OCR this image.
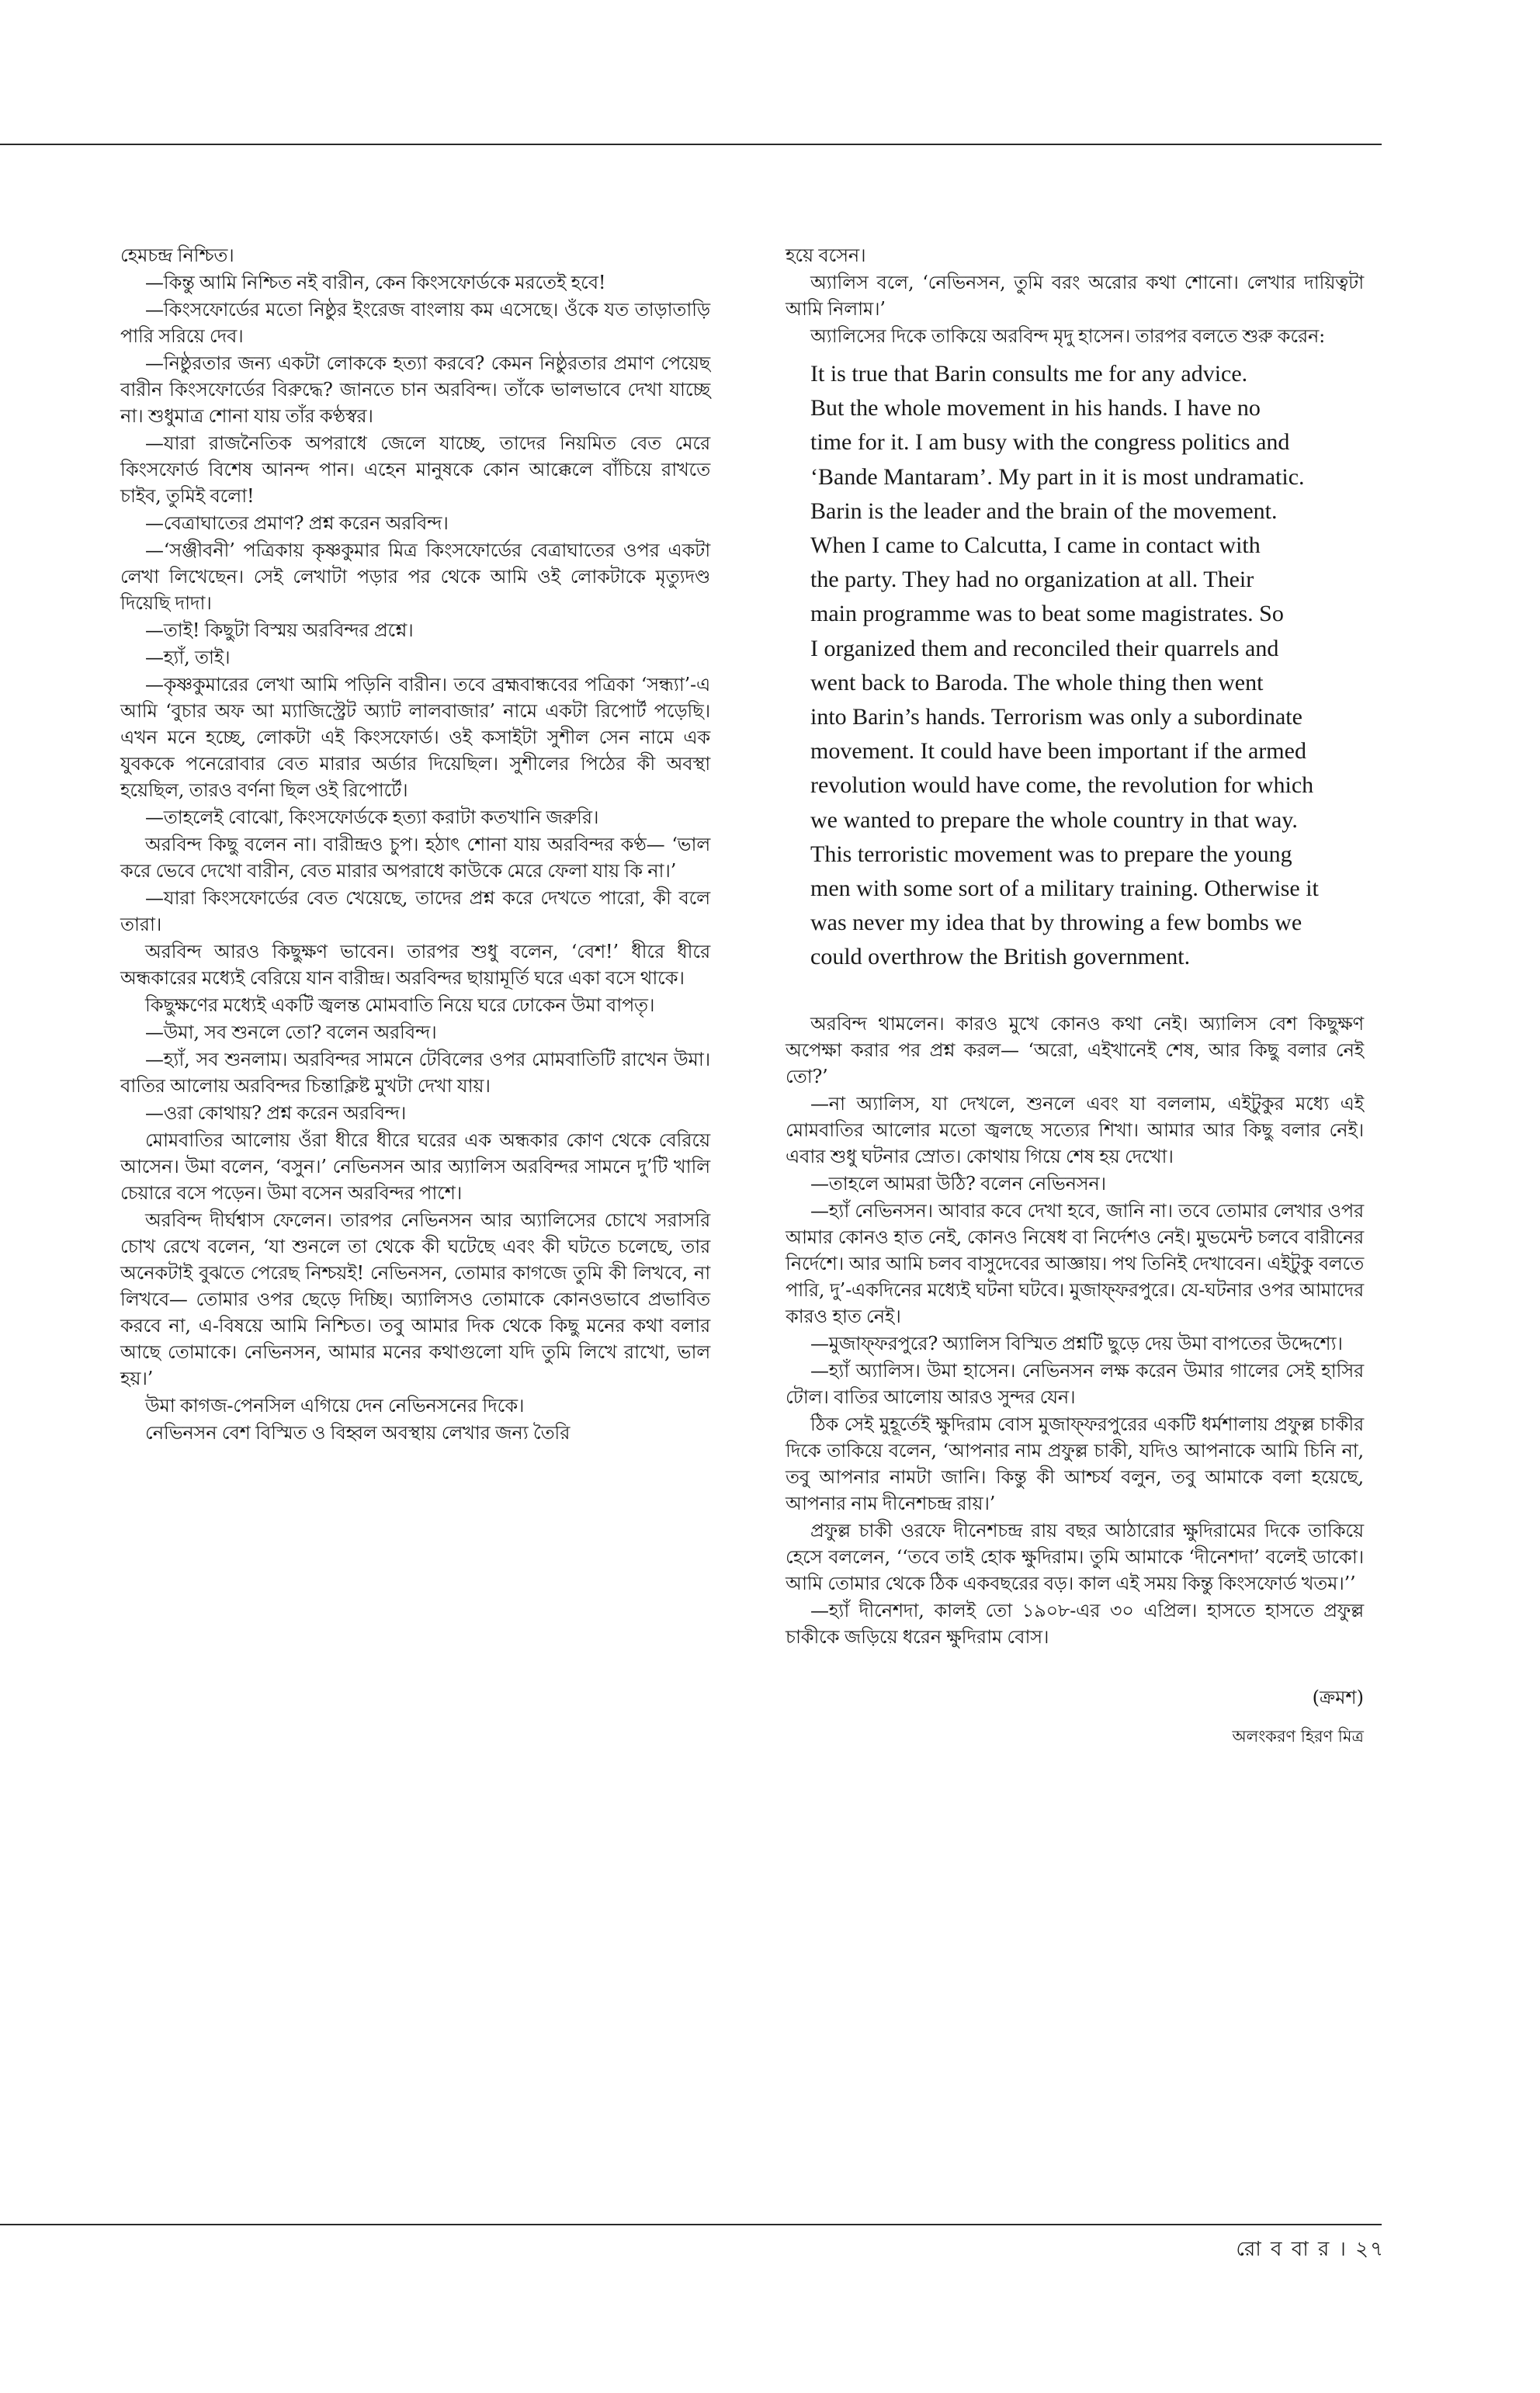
হেমচন্দ্র নিশ্চিত।

—কিন্তু আমি নিশ্চিত নই বারীন, কেন কিংসফোর্ডকে মরতেই হবে!

—কিংসফোর্ডের মতো নিষ্ঠুর ইংরেজ বাংলায় কম এসেছে। ওঁকে যত তাড়াতাড়ি পারি সরিয়ে দেব।

—নিষ্ঠুরতার জন্য একটা লোককে হত্যা করবে? কেমন নিষ্ঠুরতার প্রমাণ পেয়েছ বারীন কিংসফোর্ডের বিরুদ্ধে? জানতে চান অরবিন্দ। তাঁকে ভালভাবে দেখা যাচ্ছে না। শুধুমাত্র শোনা যায় তাঁর কণ্ঠস্বর।

—যারা রাজনৈতিক অপরাধে জেলে যাচ্ছে, তাদের নিয়মিত বেত মেরে কিংসফোর্ড বিশেষ আনন্দ পান। এহেন মানুষকে কোন আক্কেলে বাঁচিয়ে রাখতে চাইব, তুমিই বলো!

—বেত্রাঘাতের প্রমাণ? প্রশ্ন করেন অরবিন্দ।

—‘সঞ্জীবনী’ পত্রিকায় কৃষ্ণকুমার মিত্র কিংসফোর্ডের বেত্রাঘাতের ওপর একটা লেখা লিখেছেন। সেই লেখাটা পড়ার পর থেকে আমি ওই লোকটাকে মৃত্যুদণ্ড দিয়েছি দাদা।

—তাই! কিছুটা বিস্ময় অরবিন্দর প্রশ্নে।

—হ্যাঁ, তাই।

—কৃষ্ণকুমারের লেখা আমি পড়িনি বারীন। তবে ব্রহ্মবান্ধবের পত্রিকা ‘সন্ধ্যা’-এ আমি ‘বুচার অফ আ ম্যাজিস্ট্রেট অ্যাট লালবাজার’ নামে একটা রিপোর্ট পড়েছি। এখন মনে হচ্ছে, লোকটা এই কিংসফোর্ড। ওই কসাইটা সুশীল সেন নামে এক যুবককে পনেরোবার বেত মারার অর্ডার দিয়েছিল। সুশীলের পিঠের কী অবস্থা হয়েছিল, তারও বর্ণনা ছিল ওই রিপোর্টে।

—তাহলেই বোঝো, কিংসফোর্ডকে হত্যা করাটা কতখানি জরুরি।

অরবিন্দ কিছু বলেন না। বারীন্দ্রও চুপ। হঠাৎ শোনা যায় অরবিন্দর কণ্ঠ— ‘ভাল করে ভেবে দেখো বারীন, বেত মারার অপরাধে কাউকে মেরে ফেলা যায় কি না।’

—যারা কিংসফোর্ডের বেত খেয়েছে, তাদের প্রশ্ন করে দেখতে পারো, কী বলে তারা।

অরবিন্দ আরও কিছুক্ষণ ভাবেন। তারপর শুধু বলেন, ‘বেশ!’ ধীরে ধীরে অন্ধকারের মধ্যেই বেরিয়ে যান বারীন্দ্র। অরবিন্দর ছায়ামূর্তি ঘরে একা বসে থাকে।

কিছুক্ষণের মধ্যেই একটি জ্বলন্ত মোমবাতি নিয়ে ঘরে ঢোকেন উমা বাপতৃ।

—উমা, সব শুনলে তো? বলেন অরবিন্দ।

—হ্যাঁ, সব শুনলাম। অরবিন্দর সামনে টেবিলের ওপর মোমবাতিটি রাখেন উমা। বাতির আলোয় অরবিন্দর চিন্তাক্লিষ্ট মুখটা দেখা যায়।

—ওরা কোথায়? প্রশ্ন করেন অরবিন্দ।

মোমবাতির আলোয় ওঁরা ধীরে ধীরে ঘরের এক অন্ধকার কোণ থেকে বেরিয়ে আসেন। উমা বলেন, ‘বসুন।’ নেভিনসন আর অ্যালিস অরবিন্দর সামনে দু’টি খালি চেয়ারে বসে পড়েন। উমা বসেন অরবিন্দর পাশে।

অরবিন্দ দীর্ঘশ্বাস ফেলেন। তারপর নেভিনসন আর অ্যালিসের চোখে সরাসরি চোখ রেখে বলেন, ‘যা শুনলে তা থেকে কী ঘটেছে এবং কী ঘটতে চলেছে, তার অনেকটাই বুঝতে পেরেছ নিশ্চয়ই! নেভিনসন, তোমার কাগজে তুমি কী লিখবে, না লিখবে— তোমার ওপর ছেড়ে দিচ্ছি। অ্যালিসও তোমাকে কোনওভাবে প্রভাবিত করবে না, এ-বিষয়ে আমি নিশ্চিত। তবু আমার দিক থেকে কিছু মনের কথা বলার আছে তোমাকে। নেভিনসন, আমার মনের কথাগুলো যদি তুমি লিখে রাখো, ভাল হয়।’

উমা কাগজ-পেনসিল এগিয়ে দেন নেভিনসনের দিকে।

নেভিনসন বেশ বিস্মিত ও বিহ্বল অবস্থায় লেখার জন্য তৈরি

হয়ে বসেন।

অ্যালিস বলে, ‘নেভিনসন, তুমি বরং অরোর কথা শোনো। লেখার দায়িত্বটা আমি নিলাম।’

অ্যালিসের দিকে তাকিয়ে অরবিন্দ মৃদু হাসেন। তারপর বলতে শুরু করেন:

It is true that Barin consults me for any advice.
But the whole movement in his hands. I have no
time for it. I am busy with the congress politics and
‘Bande Mantaram’. My part in it is most undramatic.
Barin is the leader and the brain of the movement.
When I came to Calcutta, I came in contact with
the party. They had no organization at all. Their
main programme was to beat some magistrates. So
I organized them and reconciled their quarrels and
went back to Baroda. The whole thing then went
into Barin’s hands. Terrorism was only a subordinate
movement. It could have been important if the armed
revolution would have come, the revolution for which
we wanted to prepare the whole country in that way.
This terroristic movement was to prepare the young
men with some sort of a military training. Otherwise it
was never my idea that by throwing a few bombs we
could overthrow the British government.

অরবিন্দ থামলেন। কারও মুখে কোনও কথা নেই। অ্যালিস বেশ কিছুক্ষণ অপেক্ষা করার পর প্রশ্ন করল— ‘অরো, এইখানেই শেষ, আর কিছু বলার নেই তো?’

—না অ্যালিস, যা দেখলে, শুনলে এবং যা বললাম, এইটুকুর মধ্যে এই মোমবাতির আলোর মতো জ্বলছে সত্যের শিখা। আমার আর কিছু বলার নেই। এবার শুধু ঘটনার স্রোত। কোথায় গিয়ে শেষ হয় দেখো।

—তাহলে আমরা উঠি? বলেন নেভিনসন।

—হ্যাঁ নেভিনসন। আবার কবে দেখা হবে, জানি না। তবে তোমার লেখার ওপর আমার কোনও হাত নেই, কোনও নিষেধ বা নির্দেশও নেই। মুভমেন্ট চলবে বারীনের নির্দেশে। আর আমি চলব বাসুদেবের আজ্ঞায়। পথ তিনিই দেখাবেন। এইটুকু বলতে পারি, দু’-একদিনের মধ্যেই ঘটনা ঘটবে। মুজাফ্‌ফরপুরে। যে-ঘটনার ওপর আমাদের কারও হাত নেই।

—মুজাফ্‌ফরপুরে? অ্যালিস বিস্মিত প্রশ্নটি ছুড়ে দেয় উমা বাপতের উদ্দেশ্যে।

—হ্যাঁ অ্যালিস। উমা হাসেন। নেভিনসন লক্ষ করেন উমার গালের সেই হাসির টোল। বাতির আলোয় আরও সুন্দর যেন।

ঠিক সেই মুহূর্তেই ক্ষুদিরাম বোস মুজাফ্‌ফরপুরের একটি ধর্মশালায় প্রফুল্ল চাকীর দিকে তাকিয়ে বলেন, ‘আপনার নাম প্রফুল্ল চাকী, যদিও আপনাকে আমি চিনি না, তবু আপনার নামটা জানি। কিন্তু কী আশ্চর্য বলুন, তবু আমাকে বলা হয়েছে, আপনার নাম দীনেশচন্দ্র রায়।’

প্রফুল্ল চাকী ওরফে দীনেশচন্দ্র রায় বছর আঠারোর ক্ষুদিরামের দিকে তাকিয়ে হেসে বললেন, ‘‘তবে তাই হোক ক্ষুদিরাম। তুমি আমাকে ‘দীনেশদা’ বলেই ডাকো। আমি তোমার থেকে ঠিক একবছরের বড়। কাল এই সময় কিন্তু কিংসফোর্ড খতম।’’

—হ্যাঁ দীনেশদা, কালই তো ১৯০৮-এর ৩০ এপ্রিল। হাসতে হাসতে প্রফুল্ল চাকীকে জড়িয়ে ধরেন ক্ষুদিরাম বোস।

(ক্রমশ)
অলংকরণ হিরণ মিত্র
রো ব বা র । ২৭
